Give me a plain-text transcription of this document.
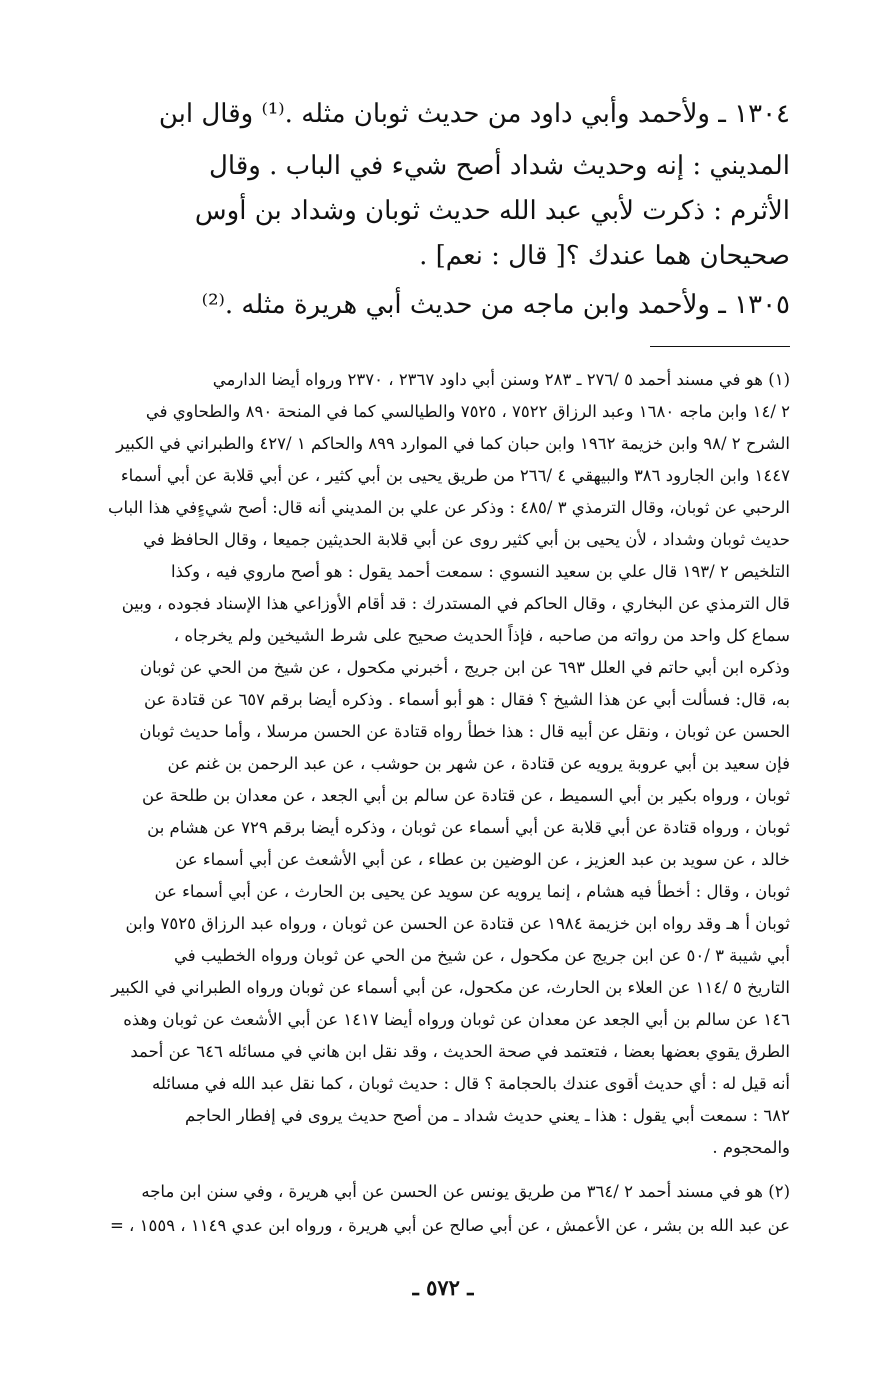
١٣٠٤ ـ ولأحمد وأبي داود من حديث ثوبان مثله .⁽¹⁾ وقال ابن
المديني : إنه وحديث شداد أصح شيء في الباب . وقال
الأثرم : ذكرت لأبي عبد الله حديث ثوبان وشداد بن أوس
صحيحان هما عندك ؟[ قال : نعم] .
١٣٠٥ ـ ولأحمد وابن ماجه من حديث أبي هريرة مثله .⁽²⁾
(١) هو في مسند أحمد ٥ /٢٧٦ ـ ٢٨٣ وسنن أبي داود ٢٣٦٧ ، ٢٣٧٠ ورواه أيضا الدارمي
٢ /١٤ وابن ماجه ١٦٨٠ وعبد الرزاق ٧٥٢٢ ، ٧٥٢٥ والطيالسي كما في المنحة ٨٩٠ والطحاوي في
الشرح ٢ /٩٨ وابن خزيمة ١٩٦٢ وابن حبان كما في الموارد ٨٩٩ والحاكم ١ /٤٢٧ والطبراني في الكبير
١٤٤٧ وابن الجارود ٣٨٦ والبيهقي ٤ /٢٦٦ من طريق يحيى بن أبي كثير ، عن أبي قلابة عن أبي أسماء
الرحبي عن ثوبان، وقال الترمذي ٣ /٤٨٥ : وذكر عن علي بن المديني أنه قال: أصح شيءٍفي هذا الباب
حديث ثوبان وشداد ، لأن يحيى بن أبي كثير روى عن أبي قلابة الحديثين جميعا ، وقال الحافظ في
التلخيص ٢ /١٩٣ قال علي بن سعيد النسوي : سمعت أحمد يقول : هو أصح ماروي فيه ، وكذا
قال الترمذي عن البخاري ، وقال الحاكم في المستدرك : قد أقام الأوزاعي هذا الإسناد فجوده ، وبين
سماع كل واحد من رواته من صاحبه ، فإذاً الحديث صحيح على شرط الشيخين ولم يخرجاه ،
وذكره ابن أبي حاتم في العلل ٦٩٣ عن ابن جريج ، أخبرني مكحول ، عن شيخ من الحي عن ثوبان
به، قال: فسألت أبي عن هذا الشيخ ؟ فقال : هو أبو أسماء . وذكره أيضا برقم ٦٥٧ عن قتادة عن
الحسن عن ثوبان ، ونقل عن أبيه قال : هذا خطأ رواه قتادة عن الحسن مرسلا ، وأما حديث ثوبان
فإن سعيد بن أبي عروبة يرويه عن قتادة ، عن شهر بن حوشب ، عن عبد الرحمن بن غنم عن
ثوبان ، ورواه بكير بن أبي السميط ، عن قتادة عن سالم بن أبي الجعد ، عن معدان بن طلحة عن
ثوبان ، ورواه قتادة عن أبي قلابة عن أبي أسماء عن ثوبان ، وذكره أيضا برقم ٧٢٩ عن هشام بن
خالد ، عن سويد بن عبد العزيز ، عن الوضين بن عطاء ، عن أبي الأشعث عن أبي أسماء عن
ثوبان ، وقال : أخطأ فيه هشام ، إنما يرويه عن سويد عن يحيى بن الحارث ، عن أبي أسماء عن
ثوبان أ هـ وقد رواه ابن خزيمة ١٩٨٤ عن قتادة عن الحسن عن ثوبان ، ورواه عبد الرزاق ٧٥٢٥ وابن
أبي شيبة ٣ /٥٠ عن ابن جريج عن مكحول ، عن شيخ من الحي عن ثوبان ورواه الخطيب في
التاريخ ٥ /١١٤ عن العلاء بن الحارث، عن مكحول، عن أبي أسماء عن ثوبان ورواه الطبراني في الكبير
١٤٦ عن سالم بن أبي الجعد عن معدان عن ثوبان ورواه أيضا ١٤١٧ عن أبي الأشعث عن ثوبان وهذه
الطرق يقوي بعضها بعضا ، فتعتمد في صحة الحديث ، وقد نقل ابن هاني في مسائله ٦٤٦ عن أحمد
أنه قيل له : أي حديث أقوى عندك بالحجامة ؟ قال : حديث ثوبان ، كما نقل عبد الله في مسائله
٦٨٢ : سمعت أبي يقول : هذا ـ يعني حديث شداد ـ من أصح حديث يروى في إفطار الحاجم
والمحجوم .
(٢) هو في مسند أحمد ٢ /٣٦٤ من طريق يونس عن الحسن عن أبي هريرة ، وفي سنن ابن ماجه
عن عبد الله بن بشر ، عن الأعمش ، عن أبي صالح عن أبي هريرة ، ورواه ابن عدي ١١٤٩ ، ١٥٥٩ ، =
ـ ٥٧٢ ـ
